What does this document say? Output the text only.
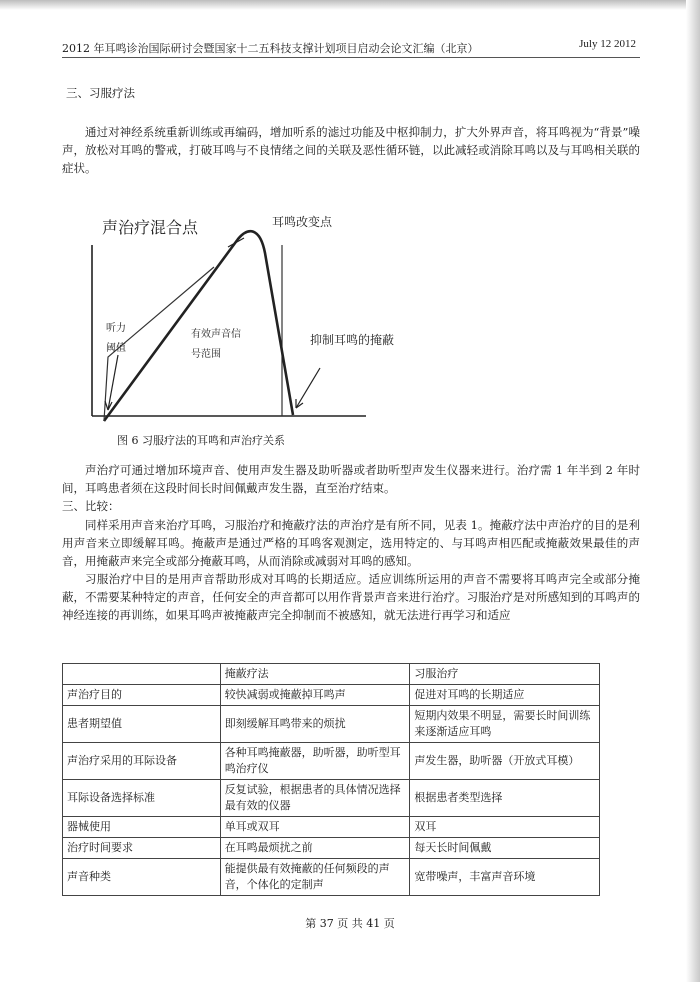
2012 年耳鸣诊治国际研讨会暨国家十二五科技支撑计划项目启动会论文汇编（北京）	July 12 2012
三、习服疗法
通过对神经系统重新训练或再编码，增加听系的滤过功能及中枢抑制力，扩大外界声音，将耳鸣视为“背景”噪声，放松对耳鸣的警戒，打破耳鸣与不良情绪之间的关联及恶性循环链，以此减轻或消除耳鸣以及与耳鸣相关联的症状。
声治疗混合点	耳鸣改变点
听力
阈值
有效声音信
号范围
抑制耳鸣的掩蔽
图 6 习服疗法的耳鸣和声治疗关系
声治疗可通过增加环境声音、使用声发生器及助听器或者助听型声发生仪器来进行。治疗需 1 年半到 2 年时间，耳鸣患者须在这段时间长时间佩戴声发生器，直至治疗结束。
三、比较：
同样采用声音来治疗耳鸣，习服治疗和掩蔽疗法的声治疗是有所不同，见表 1。掩蔽疗法中声治疗的目的是利用声音来立即缓解耳鸣。掩蔽声是通过严格的耳鸣客观测定，选用特定的、与耳鸣声相匹配或掩蔽效果最佳的声音，用掩蔽声来完全或部分掩蔽耳鸣，从而消除或减弱对耳鸣的感知。
习服治疗中目的是用声音帮助形成对耳鸣的长期适应。适应训练所运用的声音不需要将耳鸣声完全或部分掩蔽，不需要某种特定的声音，任何安全的声音都可以用作背景声音来进行治疗。习服治疗是对所感知到的耳鸣声的神经连接的再训练，如果耳鸣声被掩蔽声完全抑制而不被感知，就无法进行再学习和适应
	掩蔽疗法	习服治疗
声治疗目的	较快减弱或掩蔽掉耳鸣声	促进对耳鸣的长期适应
患者期望值	即刻缓解耳鸣带来的烦扰	短期内效果不明显，需要长时间训练来逐渐适应耳鸣
声治疗采用的耳际设备	各种耳鸣掩蔽器，助听器，助听型耳鸣治疗仪	声发生器，助听器（开放式耳模）
耳际设备选择标准	反复试验，根据患者的具体情况选择最有效的仪器	根据患者类型选择
器械使用	单耳或双耳	双耳
治疗时间要求	在耳鸣最烦扰之前	每天长时间佩戴
声音种类	能提供最有效掩蔽的任何频段的声音，个体化的定制声	宽带噪声，丰富声音环境
第 37 页 共 41 页
